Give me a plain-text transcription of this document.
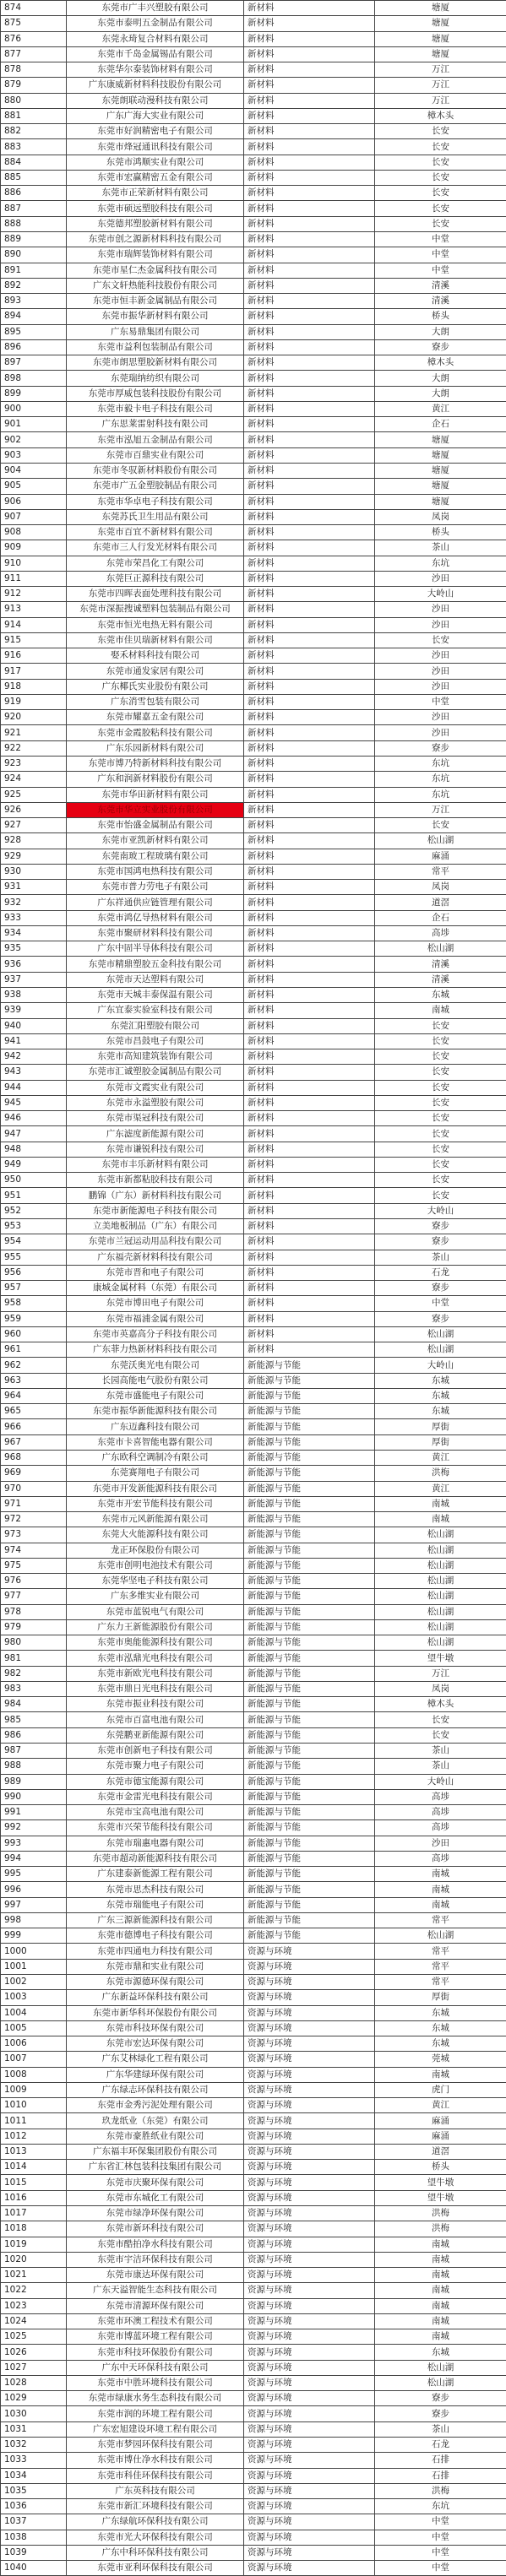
874	东莞市广丰兴塑胶有限公司	新材料	塘厦
875	东莞市泰明五金制品有限公司	新材料	塘厦
876	东莞永琦复合材料有限公司	新材料	塘厦
877	东莞市千岛金属锡品有限公司	新材料	塘厦
878	东莞华尔泰装饰材料有限公司	新材料	万江
879	广东康威新材料科技股份有限公司	新材料	万江
880	东莞朗联动漫科技有限公司	新材料	万江
881	广东广海大实业有限公司	新材料	樟木头
882	东莞市好润精密电子有限公司	新材料	长安
883	东莞市烽冠通讯科技有限公司	新材料	长安
884	东莞市鸿顺实业有限公司	新材料	长安
885	东莞市宏赢精密五金有限公司	新材料	长安
886	东莞市正荣新材料有限公司	新材料	长安
887	东莞市硕远塑胶科技有限公司	新材料	长安
888	东莞德邦塑胶新材料有限公司	新材料	长安
889	东莞市创之源新材料科技有限公司	新材料	中堂
890	东莞市瑞辉装饰材料有限公司	新材料	中堂
891	东莞市星仁杰金属科技有限公司	新材料	中堂
892	广东文轩热能科技股份有限公司	新材料	清溪
893	东莞市恒丰新金属制品有限公司	新材料	清溪
894	东莞市振华新材料有限公司	新材料	桥头
895	广东易鼎集团有限公司	新材料	大朗
896	东莞市益利包装制品有限公司	新材料	寮步
897	东莞市朗思塑胶新材料有限公司	新材料	樟木头
898	东莞瑞纳纺织有限公司	新材料	大朗
899	东莞市厚威包装科技股份有限公司	新材料	大朗
900	东莞市毅卡电子科技有限公司	新材料	黄江
901	广东思莱雷射科技有限公司	新材料	企石
902	东莞市泓旭五金制品有限公司	新材料	塘厦
903	东莞市百鼎实业有限公司	新材料	塘厦
904	东莞市冬驭新材料股份有限公司	新材料	塘厦
905	东莞市广五金塑胶制品有限公司	新材料	塘厦
906	东莞市华卓电子科技有限公司	新材料	塘厦
907	东莞苏氏卫生用品有限公司	新材料	凤岗
908	东莞市百宜不新材料有限公司	新材料	桥头
909	东莞市三人行发光材料有限公司	新材料	茶山
910	东莞市荣昌化工有限公司	新材料	东坑
911	东莞巨正源科技有限公司	新材料	沙田
912	东莞市四晖表面处理科技有限公司	新材料	大岭山
913	东莞市深振搜诚塑料包装制品有限公司	新材料	沙田
914	东莞市恒光电热无料有限公司	新材料	沙田
915	东莞市佳贝瑞新材料有限公司	新材料	长安
916	娶禾材料科技有限公司	新材料	沙田
917	东莞市通发家居有限公司	新材料	沙田
918	广东椰氏实业股份有限公司	新材料	沙田
919	广东消雪包装有限公司	新材料	中堂
920	东莞市耀嘉五金有限公司	新材料	沙田
921	东莞市金霞胶粘科技有限公司	新材料	沙田
922	广东乐园新材料有限公司	新材料	寮步
923	东莞市博乃特新材料科技有限公司	新材料	东坑
924	广东和润新材料股份有限公司	新材料	东坑
925	东莞市华田新材料有限公司	新材料	东坑
926	东莞市华立实业股份有限公司	新材料	万江
927	东莞市怡盛金属制品有限公司	新材料	长安
928	东莞市亚凯新材料有限公司	新材料	松山湖
929	东莞南玻工程玻璃有限公司	新材料	麻涌
930	东莞市国鸿电热科技有限公司	新材料	常平
931	东莞市普力劳电子有限公司	新材料	凤岗
932	广东祥通供应链管理有限公司	新材料	道滘
933	东莞市鸿亿导热材料有限公司	新材料	企石
934	东莞市聚研材料科技有限公司	新材料	高埗
935	广东中固半导体科技有限公司	新材料	松山湖
936	东莞市精鼎塑胶五金科技有限公司	新材料	清溪
937	东莞市天达塑料有限公司	新材料	清溪
938	东莞市天城丰泰保温有限公司	新材料	东城
939	广东宜泰实验室科技有限公司	新材料	南城
940	东莞汇阳塑胶有限公司	新材料	长安
941	东莞市昌鼓电子有限公司	新材料	长安
942	东莞市高知建筑装饰有限公司	新材料	长安
943	东莞市汇诚塑胶金属制品有限公司	新材料	长安
944	东莞市文霞实业有限公司	新材料	长安
945	东莞市永溢塑胶有限公司	新材料	长安
946	东莞市渠冠科技有限公司	新材料	长安
947	广东滤度新能源有限公司	新材料	长安
948	东莞市谦锐科技有限公司	新材料	长安
949	东莞市丰乐新材料有限公司	新材料	长安
950	东莞市新都粘胶科技有限公司	新材料	长安
951	鹏锦（广东）新材料科技有限公司	新材料	长安
952	东莞市新能源电子科技有限公司	新材料	大岭山
953	立美地板制品（广东）有限公司	新材料	寮步
954	东莞市兰冠运动用品科技有限公司	新材料	寮步
955	广东福壳新材料科技有限公司	新材料	茶山
956	东莞市晋和电子有限公司	新材料	石龙
957	康城金属材料（东莞）有限公司	新材料	寮步
958	东莞市博田电子有限公司	新材料	中堂
959	东莞市福浦金属有限公司	新材料	寮步
960	东莞市英嘉高分子科技有限公司	新材料	松山湖
961	广东菲力热新材料科技有限公司	新材料	松山湖
962	东莞沃奥光电有限公司	新能源与节能	大岭山
963	长园高能电气股份有限公司	新能源与节能	东城
964	东莞市盛能电子有限公司	新能源与节能	东城
965	东莞市振华新能源科技有限公司	新能源与节能	东城
966	广东迈鑫科技有限公司	新能源与节能	厚街
967	东莞市卡喜智能电器有限公司	新能源与节能	厚街
968	广东欧科空调制冷有限公司	新能源与节能	黄江
969	东莞赛翔电子有限公司	新能源与节能	洪梅
970	东莞市开发新能源科技有限公司	新能源与节能	黄江
971	东莞市开宏节能科技有限公司	新能源与节能	南城
972	东莞市元风新能源有限公司	新能源与节能	南城
973	东莞大火能源科技有限公司	新能源与节能	松山湖
974	龙正环保股份有限公司	新能源与节能	松山湖
975	东莞市创明电池技术有限公司	新能源与节能	松山湖
976	东莞华坚电子科技有限公司	新能源与节能	松山湖
977	广东多维实业有限公司	新能源与节能	松山湖
978	东莞市蓝锐电气有限公司	新能源与节能	松山湖
979	广东力王新能源股份有限公司	新能源与节能	松山湖
980	东莞市奥能能源科技有限公司	新能源与节能	松山湖
981	东莞市泓鼎光电科技有限公司	新能源与节能	望牛墩
982	东莞市新欧光电科技有限公司	新能源与节能	万江
983	东莞市鼎日光电科技有限公司	新能源与节能	凤岗
984	东莞市振业科技有限公司	新能源与节能	樟木头
985	东莞市百富电池有限公司	新能源与节能	长安
986	东莞鹏亚新能源有限公司	新能源与节能	长安
987	东莞市创新电子科技有限公司	新能源与节能	茶山
988	东莞市聚力电子有限公司	新能源与节能	茶山
989	东莞市德宝能源有限公司	新能源与节能	大岭山
990	东莞市金雷光电科技有限公司	新能源与节能	高埗
991	东莞市宝高电池有限公司	新能源与节能	高埗
992	东莞市兴荣节能科技有限公司	新能源与节能	高埗
993	东莞市瑞惠电器有限公司	新能源与节能	沙田
994	东莞市超动新能源科技有限公司	新能源与节能	高埗
995	广东建泰新能源工程有限公司	新能源与节能	南城
996	东莞市思杰科技有限公司	新能源与节能	南城
997	东莞市瑞能电子有限公司	新能源与节能	南城
998	广东三源新能源科技有限公司	新能源与节能	常平
999	东莞市德博电子科技有限公司	新能源与节能	松山湖
1000	东莞市四通电力科技有限公司	资源与环境	常平
1001	东莞市鼎和实业有限公司	资源与环境	常平
1002	东莞市源德环保有限公司	资源与环境	常平
1003	广东新益环保科技有限公司	资源与环境	厚街
1004	东莞市新华科环保股份有限公司	资源与环境	东城
1005	东莞市科技环保有限公司	资源与环境	东城
1006	东莞市宏达环保有限公司	资源与环境	东城
1007	广东艾林绿化工程有限公司	资源与环境	莞城
1008	广东华建绿环保有限公司	资源与环境	南城
1009	广东绿志环保科技有限公司	资源与环境	虎门
1010	东莞市金秀污泥处理有限公司	资源与环境	黄江
1011	玖龙纸业（东莞）有限公司	资源与环境	麻涌
1012	东莞市豪胜纸业有限公司	资源与环境	麻涌
1013	广东福丰环保集团股份有限公司	资源与环境	道滘
1014	广东省汇林包装科技集团有限公司	资源与环境	桥头
1015	东莞市庆聚环保有限公司	资源与环境	望牛墩
1016	东莞市东城化工有限公司	资源与环境	望牛墩
1017	东莞市绿净环保有限公司	资源与环境	洪梅
1018	东莞市新环科技有限公司	资源与环境	洪梅
1019	东莞市酷拍净水科技有限公司	资源与环境	南城
1020	东莞市宇洁环保科技有限公司	资源与环境	南城
1021	东莞市康达环保有限公司	资源与环境	南城
1022	广东天溢智能生态科技有限公司	资源与环境	南城
1023	东莞市清源环保有限公司	资源与环境	南城
1024	东莞市环澳工程技术有限公司	资源与环境	南城
1025	东莞市博蓝环境工程有限公司	资源与环境	南城
1026	东莞市科技环保股份有限公司	资源与环境	东城
1027	广东中天环保科技有限公司	资源与环境	松山湖
1028	东莞市中胜环境科技有限公司	资源与环境	松山湖
1029	东莞市绿康水务生态科技有限公司	资源与环境	寮步
1030	东莞市润的环境工程有限公司	资源与环境	寮步
1031	广东宏旭建设环境工程有限公司	资源与环境	茶山
1032	东莞市梦园环保科技有限公司	资源与环境	石龙
1033	东莞市博仕净水科技有限公司	资源与环境	石排
1034	东莞市科佳环保科技有限公司	资源与环境	石排
1035	广东英科技有限公司	资源与环境	洪梅
1036	东莞市新汇环境科技有限公司	资源与环境	东坑
1037	广东绿航环保科技有限公司	资源与环境	中堂
1038	东莞市光大环保科技有限公司	资源与环境	中堂
1039	广东中科环保科技有限公司	资源与环境	中堂
1040	东莞市亚利环保科技有限公司	资源与环境	中堂
